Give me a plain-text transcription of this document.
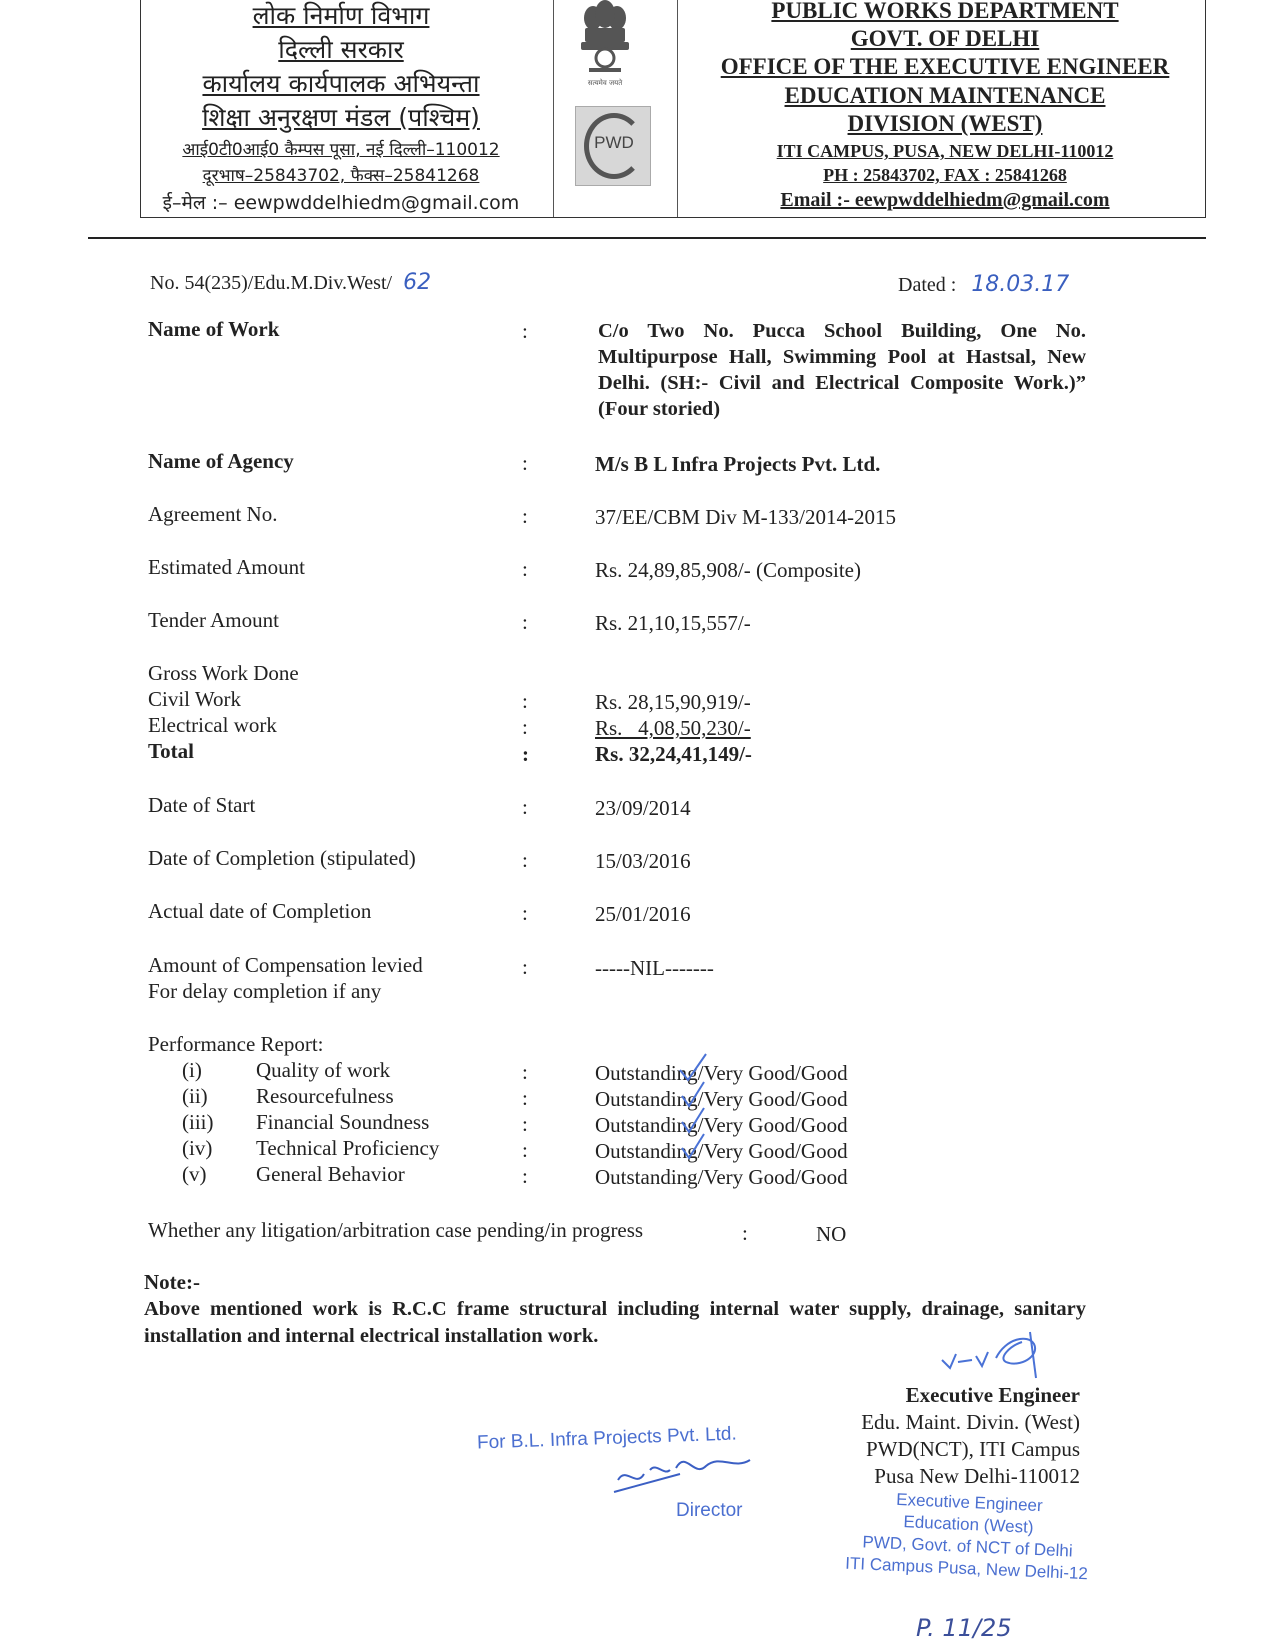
लोक निर्माण विभाग
दिल्ली सरकार
कार्यालय कार्यपालक अभियन्ता
शिक्षा अनुरक्षण मंडल (पश्चिम)
आई0टी0आई0 कैम्पस पूसा, नई दिल्ली–110012
दूरभाष–25843702, फैक्स–25841268
ई–मेल :– eewpwddelhiedm@gmail.com
सत्यमेव जयते
PWD
PUBLIC WORKS DEPARTMENT
GOVT. OF DELHI
OFFICE OF THE EXECUTIVE ENGINEER
EDUCATION MAINTENANCE
DIVISION (WEST)
ITI CAMPUS, PUSA, NEW DELHI-110012
PH : 25843702, FAX : 25841268
Email :- eewpwddelhiedm@gmail.com
No. 54(235)/Edu.M.Div.West/ 62	Dated : 18.03.17
Name of Work	:	C/o Two No. Pucca School Building, One No. Multipurpose Hall, Swimming Pool at Hastsal, New Delhi. (SH:- Civil and Electrical Composite Work.)” (Four storied)
Name of Agency	:	M/s B L Infra Projects Pvt. Ltd.
Agreement No.	:	37/EE/CBM Div M-133/2014-2015
Estimated Amount	:	Rs. 24,89,85,908/- (Composite)
Tender Amount	:	Rs. 21,10,15,557/-
Gross Work Done
Civil Work	:	Rs. 28,15,90,919/-
Electrical work	:	Rs.   4,08,50,230/-
Total	:	Rs. 32,24,41,149/-
Date of Start	:	23/09/2014
Date of Completion (stipulated)	:	15/03/2016
Actual date of Completion	:	25/01/2016
Amount of Compensation levied
For delay completion if any
:	-----NIL-------
Performance Report:
(i)	Quality of work	:	Outstanding/Very Good/Good
(ii) Resourcefulness	:	Outstanding/Very Good/Good
(iii) Financial Soundness	:	Outstanding/Very Good/Good
(iv) Technical Proficiency	:	Outstanding/Very Good/Good
(v) General Behavior	:	Outstanding/Very Good/Good
Whether any litigation/arbitration case pending/in progress	:	NO
Note:-
Above mentioned work is R.C.C frame structural including internal water supply, drainage, sanitary installation and internal electrical installation work.
Executive Engineer
Edu. Maint. Divin. (West)
PWD(NCT), ITI Campus
Pusa New Delhi-110012
For B.L. Infra Projects Pvt. Ltd.
Director	Executive Engineer
Education (West)
PWD, Govt. of NCT of Delhi
ITI Campus Pusa, New Delhi-12
P. 11/25
